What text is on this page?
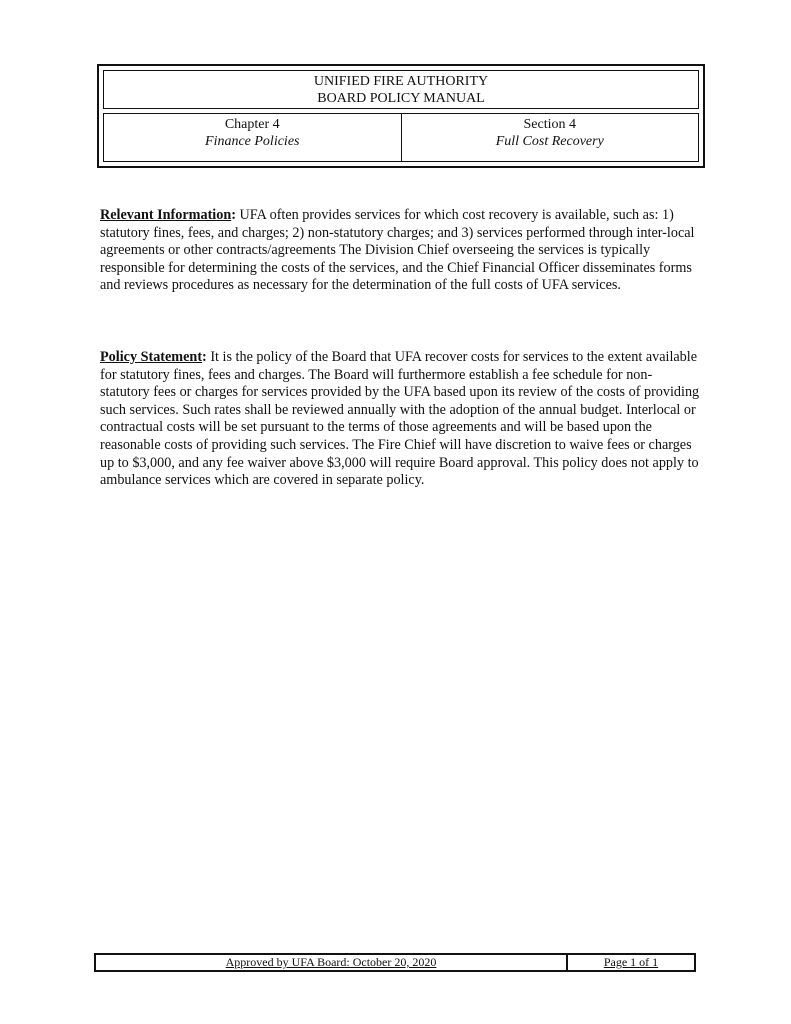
UNIFIED FIRE AUTHORITY
BOARD POLICY MANUAL
Chapter 4
Finance Policies
Section 4
Full Cost Recovery

Relevant Information: UFA often provides services for which cost recovery is available, such as: 1) statutory fines, fees, and charges; 2) non-statutory charges; and 3) services performed through inter-local agreements or other contracts/agreements The Division Chief overseeing the services is typically responsible for determining the costs of the services, and the Chief Financial Officer disseminates forms and reviews procedures as necessary for the determination of the full costs of UFA services.

Policy Statement: It is the policy of the Board that UFA recover costs for services to the extent available for statutory fines, fees and charges. The Board will furthermore establish a fee schedule for non-statutory fees or charges for services provided by the UFA based upon its review of the costs of providing such services. Such rates shall be reviewed annually with the adoption of the annual budget. Interlocal or contractual costs will be set pursuant to the terms of those agreements and will be based upon the reasonable costs of providing such services. The Fire Chief will have discretion to waive fees or charges up to $3,000, and any fee waiver above $3,000 will require Board approval. This policy does not apply to ambulance services which are covered in separate policy.

Approved by UFA Board: October 20, 2020	Page 1 of 1
